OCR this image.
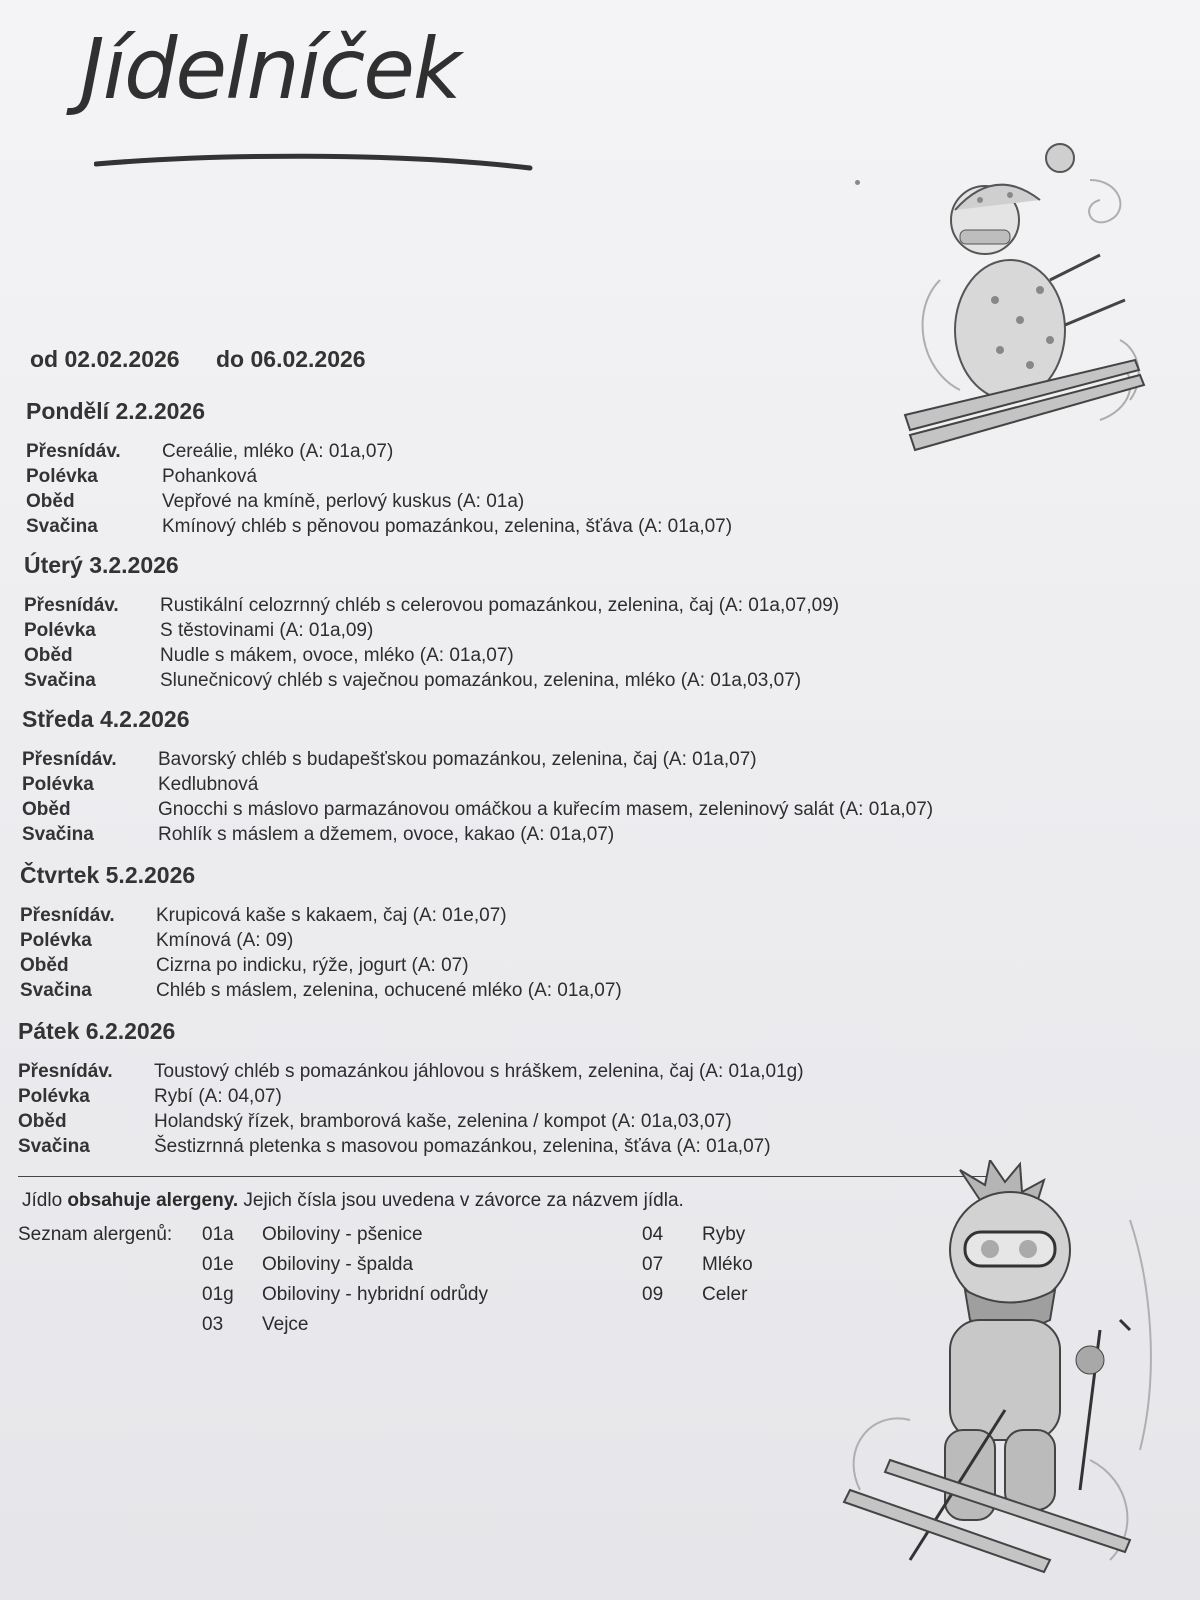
Jídelníček
od 02.02.2026 do 06.02.2026
Pondělí 2.2.2026
Přesnídáv.	Cereálie, mléko (A: 01a,07)
Polévka	Pohanková
Oběd	Vepřové na kmíně, perlový kuskus (A: 01a)
Svačina	Kmínový chléb s pěnovou pomazánkou, zelenina, šťáva (A: 01a,07)
Úterý 3.2.2026
Přesnídáv.	Rustikální celozrnný chléb s celerovou pomazánkou, zelenina, čaj (A: 01a,07,09)
Polévka	S těstovinami (A: 01a,09)
Oběd	Nudle s mákem, ovoce, mléko (A: 01a,07)
Svačina	Slunečnicový chléb s vaječnou pomazánkou, zelenina, mléko (A: 01a,03,07)
Středa 4.2.2026
Přesnídáv.	Bavorský chléb s budapešťskou pomazánkou, zelenina, čaj (A: 01a,07)
Polévka	Kedlubnová
Oběd	Gnocchi s máslovo parmazánovou omáčkou a kuřecím masem, zeleninový salát (A: 01a,07)
Svačina	Rohlík s máslem a džemem, ovoce, kakao (A: 01a,07)
Čtvrtek 5.2.2026
Přesnídáv.	Krupicová kaše s kakaem, čaj (A: 01e,07)
Polévka	Kmínová (A: 09)
Oběd	Cizrna po indicku, rýže, jogurt (A: 07)
Svačina	Chléb s máslem, zelenina, ochucené mléko (A: 01a,07)
Pátek 6.2.2026
Přesnídáv.	Toustový chléb s pomazánkou jáhlovou s hráškem, zelenina, čaj (A: 01a,01g)
Polévka	Rybí (A: 04,07)
Oběd	Holandský řízek, bramborová kaše, zelenina / kompot (A: 01a,03,07)
Svačina	Šestizrnná pletenka s masovou pomazánkou, zelenina, šťáva (A: 01a,07)
Jídlo obsahuje alergeny. Jejich čísla jsou uvedena v závorce za názvem jídla.
Seznam alergenů: 01a Obiloviny - pšenice
01e Obiloviny - špalda
01g Obiloviny - hybridní odrůdy
03 Vejce
04 Ryby
07 Mléko
09 Celer
